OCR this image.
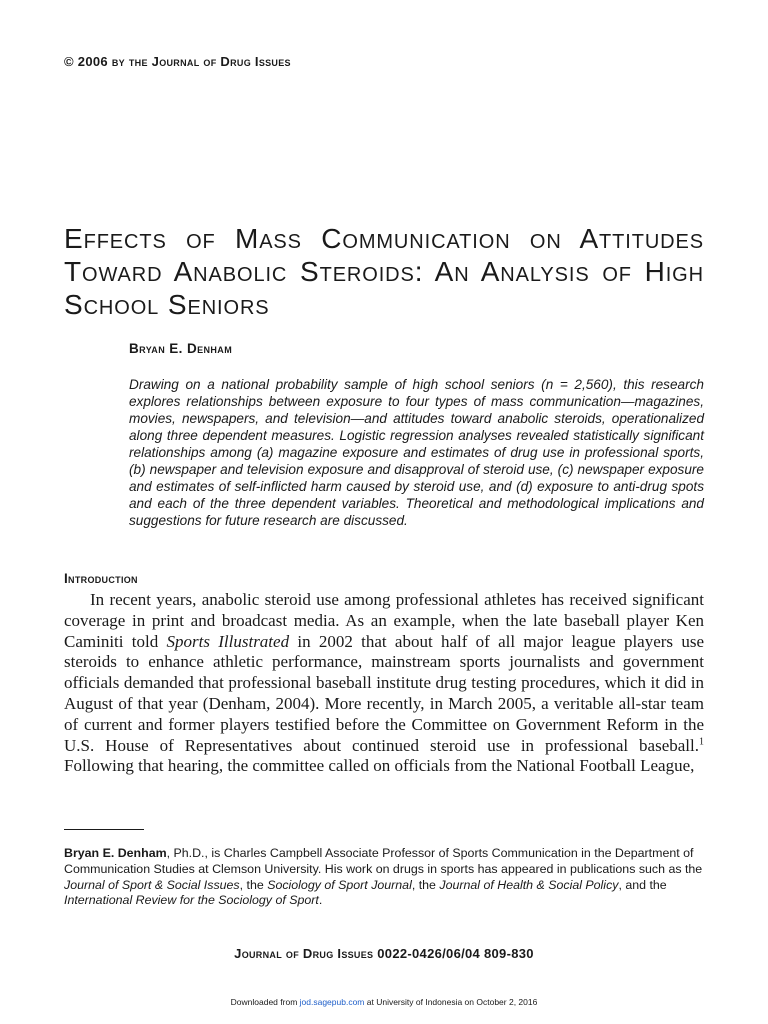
© 2006 by the Journal of Drug Issues
Effects of Mass Communication on Attitudes Toward Anabolic Steroids: An Analysis of High School Seniors
Bryan E. Denham

Drawing on a national probability sample of high school seniors (n = 2,560), this research explores relationships between exposure to four types of mass communication—magazines, movies, newspapers, and television—and attitudes toward anabolic steroids, operationalized along three dependent measures. Logistic regression analyses revealed statistically significant relationships among (a) magazine exposure and estimates of drug use in professional sports, (b) newspaper and television exposure and disapproval of steroid use, (c) newspaper exposure and estimates of self-inflicted harm caused by steroid use, and (d) exposure to anti-drug spots and each of the three dependent variables. Theoretical and methodological implications and suggestions for future research are discussed.

Introduction

In recent years, anabolic steroid use among professional athletes has received significant coverage in print and broadcast media. As an example, when the late baseball player Ken Caminiti told Sports Illustrated in 2002 that about half of all major league players use steroids to enhance athletic performance, mainstream sports journalists and government officials demanded that professional baseball institute drug testing procedures, which it did in August of that year (Denham, 2004). More recently, in March 2005, a veritable all-star team of current and former players testified before the Committee on Government Reform in the U.S. House of Representatives about continued steroid use in professional baseball.$^1$ Following that hearing, the committee called on officials from the National Football League,

Bryan E. Denham, Ph.D., is Charles Campbell Associate Professor of Sports Communication in the Department of Communication Studies at Clemson University. His work on drugs in sports has appeared in publications such as the Journal of Sport & Social Issues, the Sociology of Sport Journal, the Journal of Health & Social Policy, and the International Review for the Sociology of Sport.

Journal of Drug Issues 0022-0426/06/04 809-830
Downloaded from jod.sagepub.com at University of Indonesia on October 2, 2016
